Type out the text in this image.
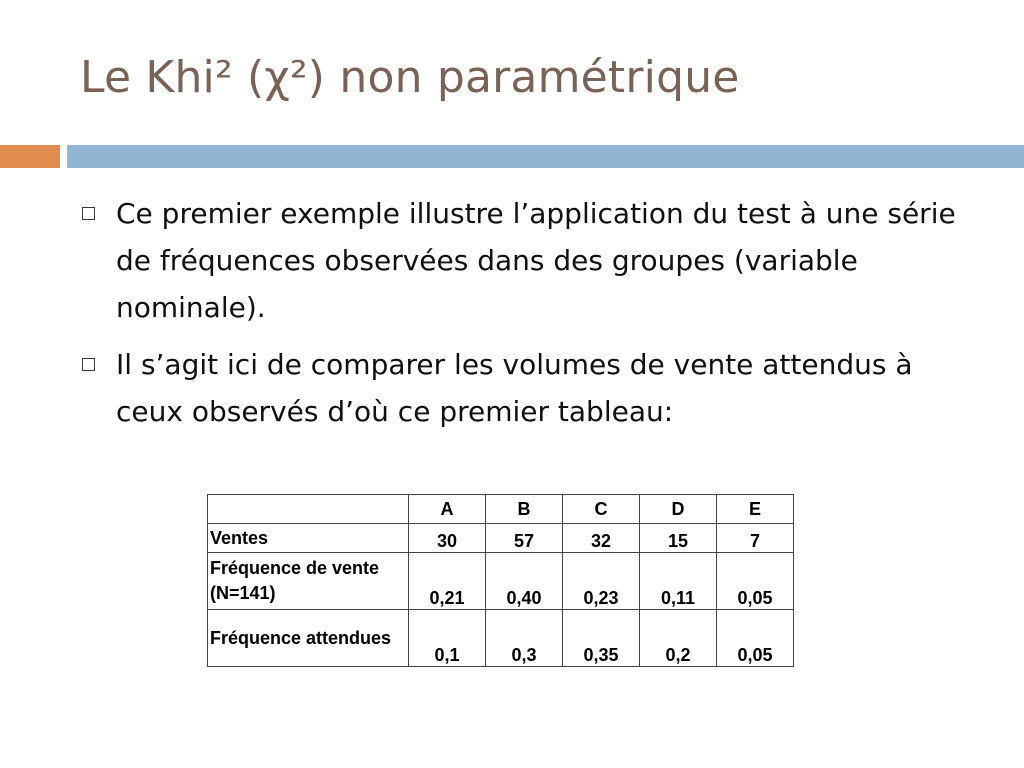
Le Khi² (χ²) non paramétrique
Ce premier exemple illustre l’application du test à une série de fréquences observées dans des groupes (variable nominale).
Il s’agit ici de comparer les volumes de vente attendus à ceux observés d’où ce premier tableau:
	A	B	C	D	E
Ventes	30	57	32	15	7
Fréquence de vente (N=141)	0,21	0,40	0,23	0,11	0,05
Fréquence attendues	0,1	0,3	0,35	0,2	0,05
